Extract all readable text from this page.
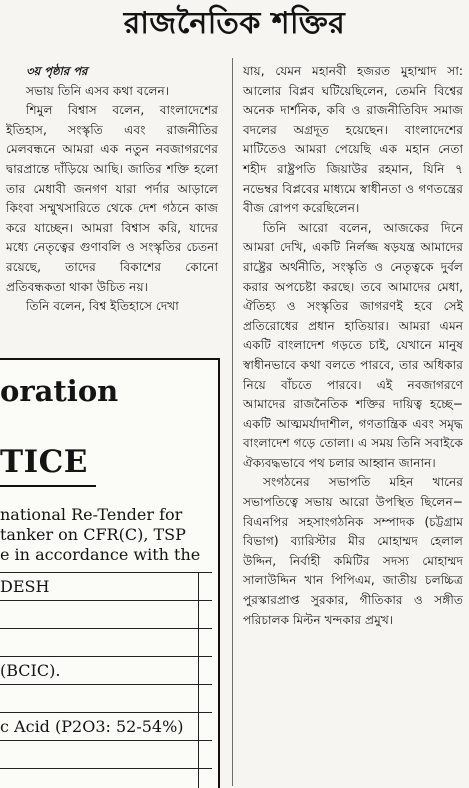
রাজনৈতিক শক্তির
৩য় পৃষ্ঠার পর

সভায় তিনি এসব কথা বলেন।

শিমুল বিশ্বাস বলেন, বাংলাদেশের ইতিহাস, সংস্কৃতি এবং রাজনীতির মেলবন্ধনে আমরা এক নতুন নবজাগরণের দ্বারপ্রান্তে দাঁড়িয়ে আছি। জাতির শক্তি হলো তার মেধাবী জনগণ যারা পর্দার আড়ালে কিংবা সম্মুখসারিতে থেকে দেশ গঠনে কাজ করে যাচ্ছেন। আমরা বিশ্বাস করি, যাদের মধ্যে নেতৃত্বের গুণাবলি ও সংস্কৃতির চেতনা রয়েছে, তাদের বিকাশের কোনো প্রতিবন্ধকতা থাকা উচিত নয়।

তিনি বলেন, বিশ্ব ইতিহাসে দেখা

যায়, যেমন মহানবী হজরত মুহাম্মাদ সা: আলোর বিপ্লব ঘটিয়েছিলেন, তেমনি বিশ্বের অনেক দার্শনিক, কবি ও রাজনীতিবিদ সমাজ বদলের অগ্রদূত হয়েছেন। বাংলাদেশের মাটিতেও আমরা পেয়েছি এক মহান নেতা শহীদ রাষ্ট্রপতি জিয়াউর রহমান, যিনি ৭ নভেম্বর বিপ্লবের মাধ্যমে স্বাধীনতা ও গণতন্ত্রের বীজ রোপণ করেছিলেন।

তিনি আরো বলেন, আজকের দিনে আমরা দেখি, একটি নির্লজ্জ ষড়যন্ত্র আমাদের রাষ্ট্রের অর্থনীতি, সংস্কৃতি ও নেতৃত্বকে দুর্বল করার অপচেষ্টা করছে। তবে আমাদের মেধা, ঐতিহ্য ও সংস্কৃতির জাগরণই হবে সেই প্রতিরোধের প্রধান হাতিয়ার। আমরা এমন একটি বাংলাদেশ গড়তে চাই, যেখানে মানুষ স্বাধীনভাবে কথা বলতে পারবে, তার অধিকার নিয়ে বাঁচতে পারবে। এই নবজাগরণে আমাদের রাজনৈতিক শক্তির দায়িত্ব হচ্ছে− একটি আত্মমর্যাদাশীল, গণতান্ত্রিক এবং সমৃদ্ধ বাংলাদেশ গড়ে তোলা। এ সময় তিনি সবাইকে ঐক্যবদ্ধভাবে পথ চলার আহ্বান জানান।

সংগঠনের সভাপতি মহিন খানের সভাপতিত্বে সভায় আরো উপস্থিত ছিলেন− বিএনপির সহসাংগঠনিক সম্পাদক (চট্টগ্রাম বিভাগ) ব্যারিস্টার মীর মোহাম্মদ হেলাল উদ্দিন, নির্বাহী কমিটির সদস্য মোহাম্মদ সালাউদ্দিন খান পিপিএম, জাতীয় চলচ্চিত্র পুরস্কারপ্রাপ্ত সুরকার, গীতিকার ও সঙ্গীত পরিচালক মিল্টন খন্দকার প্রমুখ।

oration
TICE
national Re-Tender for
tanker on CFR(C), TSP
e in accordance with the
DESH
(BCIC).
c Acid (P2O3: 52-54%)
